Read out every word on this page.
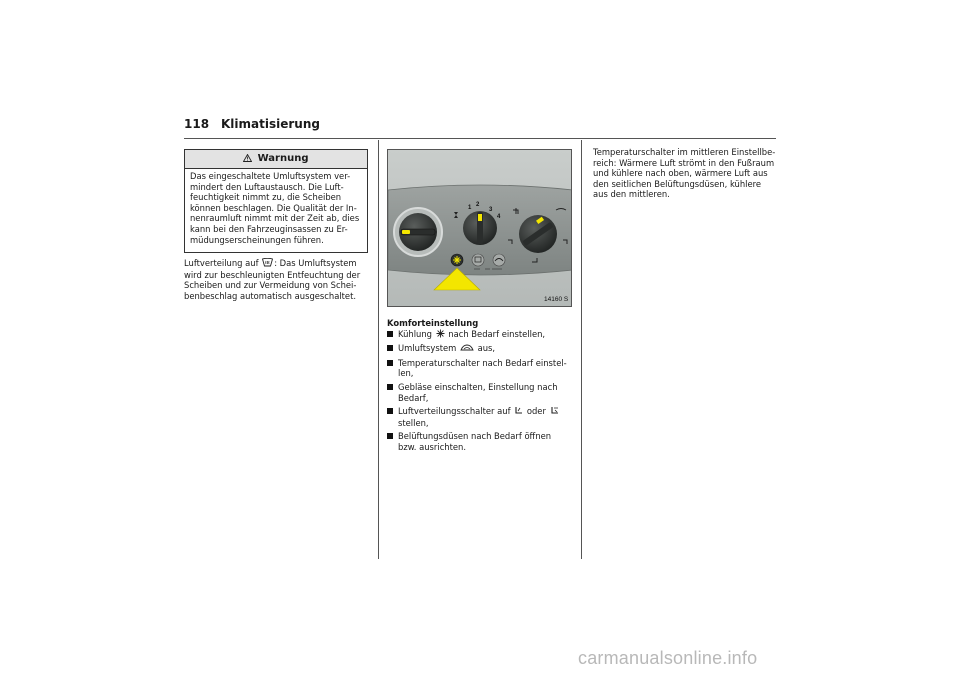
118 Klimatisierung
Warnung
Das eingeschaltete Umluftsystem ver-
mindert den Luftaustausch. Die Luft-
feuchtigkeit nimmt zu, die Scheiben
können beschlagen. Die Qualität der In-
nenraumluft nimmt mit der Zeit ab, dies
kann bei den Fahrzeuginsassen zu Er-
müdungserscheinungen führen.
Luftverteilung auf : Das Umluftsystem
wird zur beschleunigten Entfeuchtung der
Scheiben und zur Vermeidung von Schei-
benbeschlag automatisch ausgeschaltet.
1 2
3
4
14160 S
Komforteinstellung
Kühlung  nach Bedarf einstellen,
Umluftsystem  aus,
Temperaturschalter nach Bedarf einstel-
len,
Gebläse einschalten, Einstellung nach
Bedarf,
Luftverteilungsschalter auf  oder
stellen,
Belüftungsdüsen nach Bedarf öffnen
bzw. ausrichten.
Temperaturschalter im mittleren Einstellbe-
reich: Wärmere Luft strömt in den Fußraum
und kühlere nach oben, wärmere Luft aus
den seitlichen Belüftungsdüsen, kühlere
aus den mittleren.
carmanualsonline.info
